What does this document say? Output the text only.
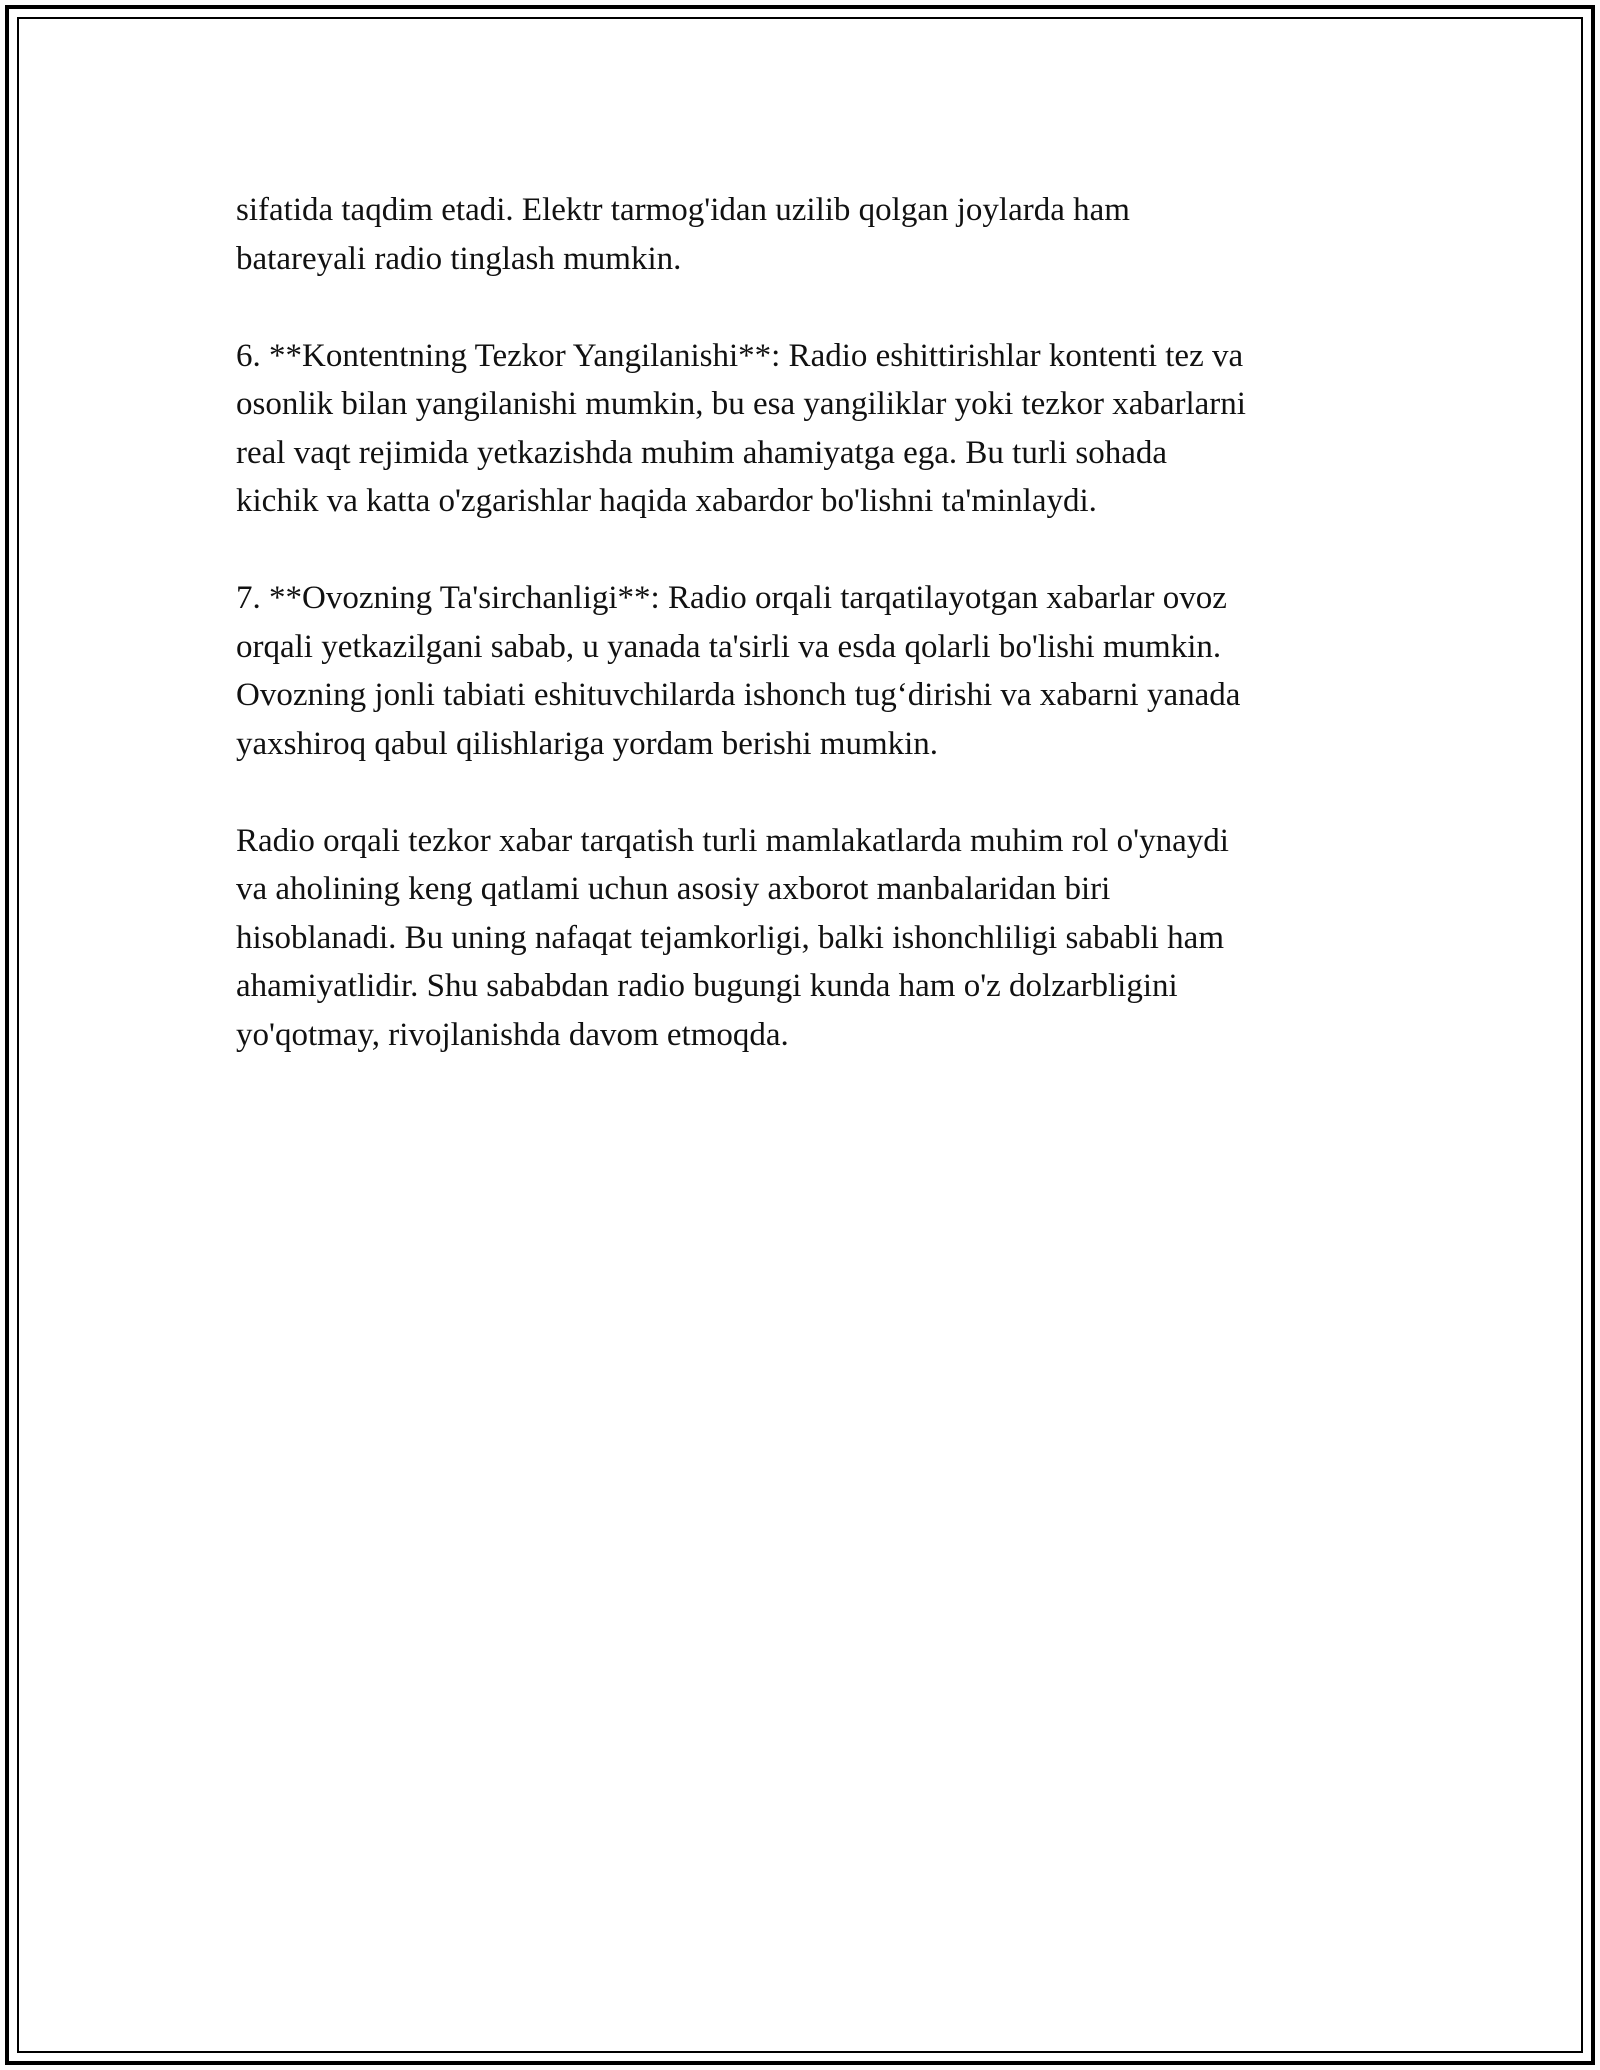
sifatida taqdim etadi. Elektr tarmog'idan uzilib qolgan joylarda ham
batareyali radio tinglash mumkin.
6. **Kontentning Tezkor Yangilanishi**: Radio eshittirishlar kontenti tez va
osonlik bilan yangilanishi mumkin, bu esa yangiliklar yoki tezkor xabarlarni
real vaqt rejimida yetkazishda muhim ahamiyatga ega. Bu turli sohada
kichik va katta o'zgarishlar haqida xabardor bo'lishni ta'minlaydi.
7. **Ovozning Ta'sirchanligi**: Radio orqali tarqatilayotgan xabarlar ovoz
orqali yetkazilgani sabab, u yanada ta'sirli va esda qolarli bo'lishi mumkin.
Ovozning jonli tabiati eshituvchilarda ishonch tug‘dirishi va xabarni yanada
yaxshiroq qabul qilishlariga yordam berishi mumkin.
Radio orqali tezkor xabar tarqatish turli mamlakatlarda muhim rol o'ynaydi
va aholining keng qatlami uchun asosiy axborot manbalaridan biri
hisoblanadi. Bu uning nafaqat tejamkorligi, balki ishonchliligi sababli ham
ahamiyatlidir. Shu sababdan radio bugungi kunda ham o'z dolzarbligini
yo'qotmay, rivojlanishda davom etmoqda.
